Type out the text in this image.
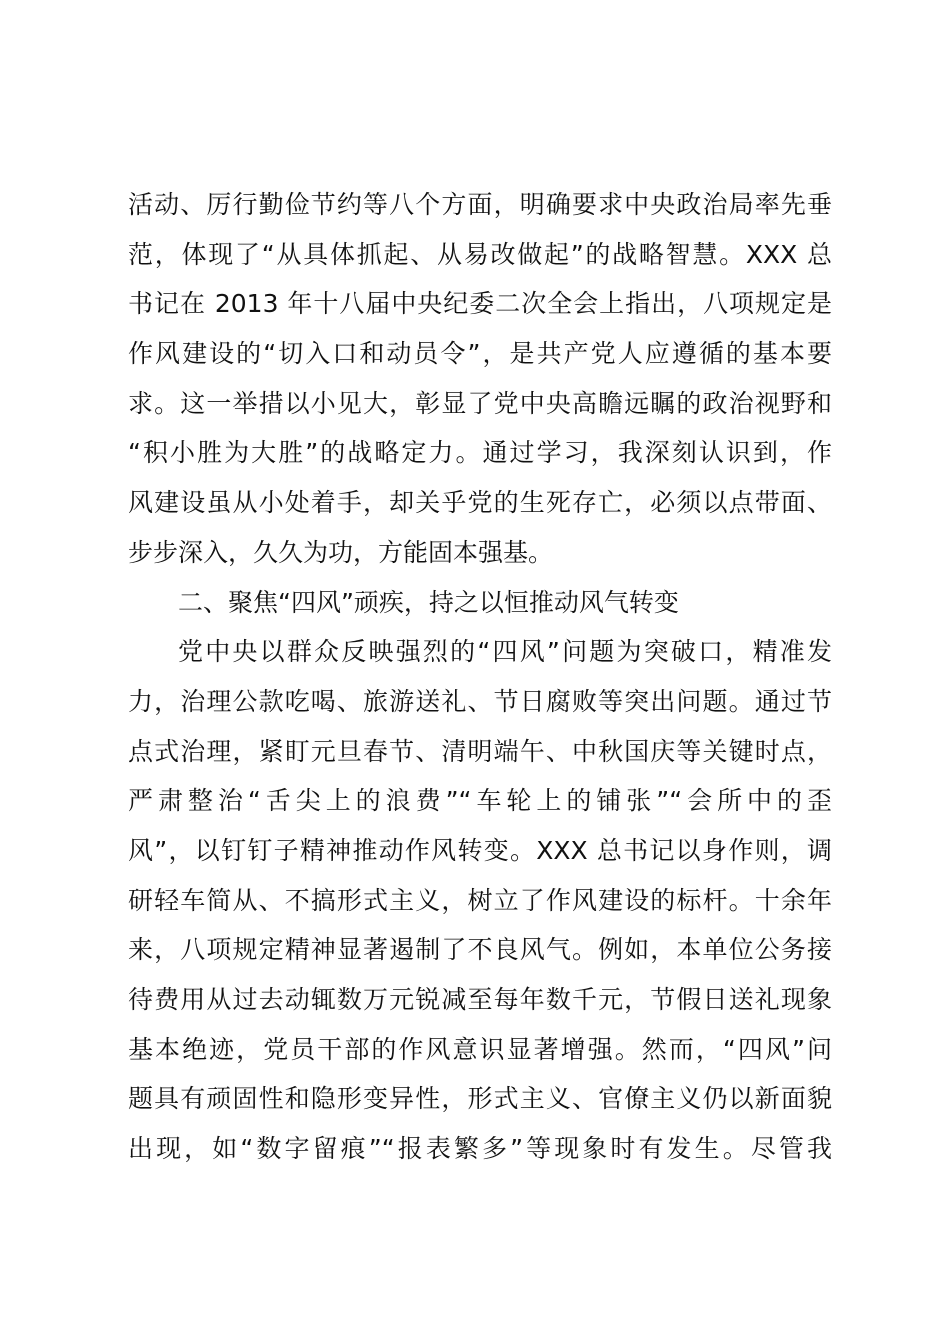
活动、厉行勤俭节约等八个方面，明确要求中央政治局率先垂

范，体现了“从具体抓起、从易改做起”的战略智慧。XXX 总

书记在 2013 年十八届中央纪委二次全会上指出，八项规定是

作风建设的“切入口和动员令”，是共产党人应遵循的基本要

求。这一举措以小见大，彰显了党中央高瞻远瞩的政治视野和

“积小胜为大胜”的战略定力。通过学习，我深刻认识到，作

风建设虽从小处着手，却关乎党的生死存亡，必须以点带面、

步步深入，久久为功，方能固本强基。

二、聚焦“四风”顽疾，持之以恒推动风气转变

党中央以群众反映强烈的“四风”问题为突破口，精准发

力，治理公款吃喝、旅游送礼、节日腐败等突出问题。通过节

点式治理，紧盯元旦春节、清明端午、中秋国庆等关键时点，

严肃整治“舌尖上的浪费”“车轮上的铺张”“会所中的歪

风”，以钉钉子精神推动作风转变。XXX 总书记以身作则，调

研轻车简从、不搞形式主义，树立了作风建设的标杆。十余年

来，八项规定精神显著遏制了不良风气。例如，本单位公务接

待费用从过去动辄数万元锐减至每年数千元，节假日送礼现象

基本绝迹，党员干部的作风意识显著增强。然而，“四风”问

题具有顽固性和隐形变异性，形式主义、官僚主义仍以新面貌

出现，如“数字留痕”“报表繁多”等现象时有发生。尽管我
